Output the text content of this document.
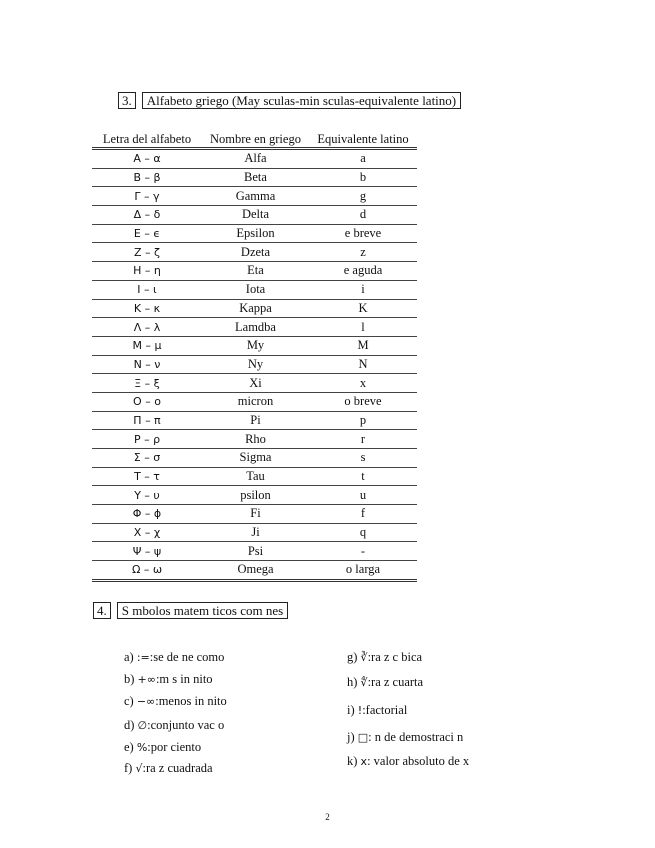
3.	Alfabeto griego (May sculas-min sculas-equivalente latino)
Letra del alfabeto	Nombre en griego	Equivalente latino
Α – α	Alfa	a
Β – β	Beta	b
Γ – γ	Gamma	g
Δ – δ	Delta	d
Ε – ϵ	Epsilon	e breve
Ζ – ζ	Dzeta	z
Η – η	Eta	e aguda
Ι – ι	Iota	i
Κ – κ	Kappa	K
Λ – λ	Lamdba	l
Μ – μ	My	M
Ν – ν	Ny	N
Ξ – ξ	Xi	x
Ο – ο	micron	o breve
Π – π	Pi	p
Ρ – ρ	Rho	r
Σ – σ	Sigma	s
Τ – τ	Tau	t
Υ – υ	psilon	u
Φ – ϕ	Fi	f
Χ – χ	Ji	q
Ψ – ψ	Psi	-
Ω – ω	Omega	o larga
4.	S mbolos matem ticos com nes
a) :=:se de ne como
b) +∞:m s in nito
c) −∞:menos in nito
d) ∅:conjunto vac o
e) %:por ciento
f) √:ra z cuadrada
g) ∛:ra z c bica
h) ∜:ra z cuarta
i) !:factorial
j) □: n de demostraci n
k) x: valor absoluto de x
2
